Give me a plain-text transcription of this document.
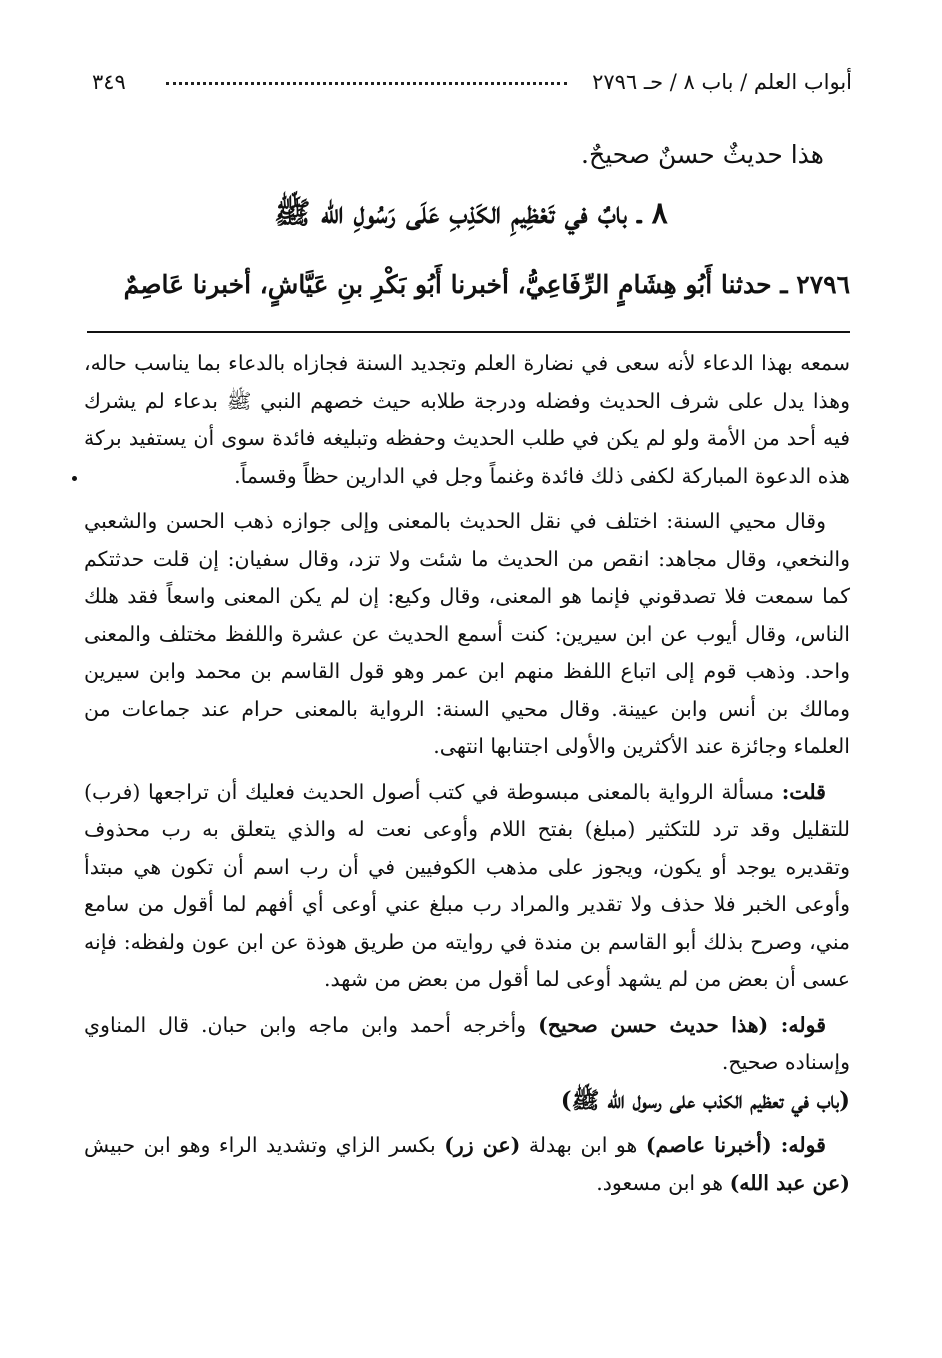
أبواب العلم / باب ٨ / حـ ٢٧٩٦
٣٤٩
هذا حديثٌ حسنٌ صحيحٌ.
٨ ـ بابٌ في تَعْظِيمِ الكَذِبِ عَلَى رَسُولِ الله ﷺ
٢٧٩٦ ـ حدثنا أَبُو هِشَامٍ الرِّفَاعِيُّ، أخبرنا أَبُو بَكْرِ بنِ عَيَّاشٍ، أخبرنا عَاصِمٌ

سمعه بهذا الدعاء لأنه سعى في نضارة العلم وتجديد السنة فجازاه بالدعاء بما يناسب حاله، وهذا يدل على شرف الحديث وفضله ودرجة طلابه حيث خصهم النبي ﷺ بدعاء لم يشرك فيه أحد من الأمة ولو لم يكن في طلب الحديث وحفظه وتبليغه فائدة سوى أن يستفيد بركة هذه الدعوة المباركة لكفى ذلك فائدة وغنماً وجل في الدارين حظاً وقسماً.

وقال محيي السنة: اختلف في نقل الحديث بالمعنى وإلى جوازه ذهب الحسن والشعبي والنخعي، وقال مجاهد: انقص من الحديث ما شئت ولا تزد، وقال سفيان: إن قلت حدثتكم كما سمعت فلا تصدقوني فإنما هو المعنى، وقال وكيع: إن لم يكن المعنى واسعاً فقد هلك الناس، وقال أيوب عن ابن سيرين: كنت أسمع الحديث عن عشرة واللفظ مختلف والمعنى واحد. وذهب قوم إلى اتباع اللفظ منهم ابن عمر وهو قول القاسم بن محمد وابن سيرين ومالك بن أنس وابن عيينة. وقال محيي السنة: الرواية بالمعنى حرام عند جماعات من العلماء وجائزة عند الأكثرين والأولى اجتنابها انتهى.

قلت: مسألة الرواية بالمعنى مبسوطة في كتب أصول الحديث فعليك أن تراجعها (فرب) للتقليل وقد ترد للتكثير (مبلغ) بفتح اللام وأوعى نعت له والذي يتعلق به رب محذوف وتقديره يوجد أو يكون، ويجوز على مذهب الكوفيين في أن رب اسم أن تكون هي مبتدأ وأوعى الخبر فلا حذف ولا تقدير والمراد رب مبلغ عني أوعى أي أفهم لما أقول من سامع مني، وصرح بذلك أبو القاسم بن مندة في روايته من طريق هوذة عن ابن عون ولفظه: فإنه عسى أن بعض من لم يشهد أوعى لما أقول من بعض من شهد.

قوله: (هذا حديث حسن صحيح) وأخرجه أحمد وابن ماجه وابن حبان. قال المناوي وإسناده صحيح.

(باب في تعظيم الكذب على رسول الله ﷺ)

قوله: (أخبرنا عاصم) هو ابن بهدلة (عن زر) بكسر الزاي وتشديد الراء وهو ابن حبيش (عن عبد الله) هو ابن مسعود.
